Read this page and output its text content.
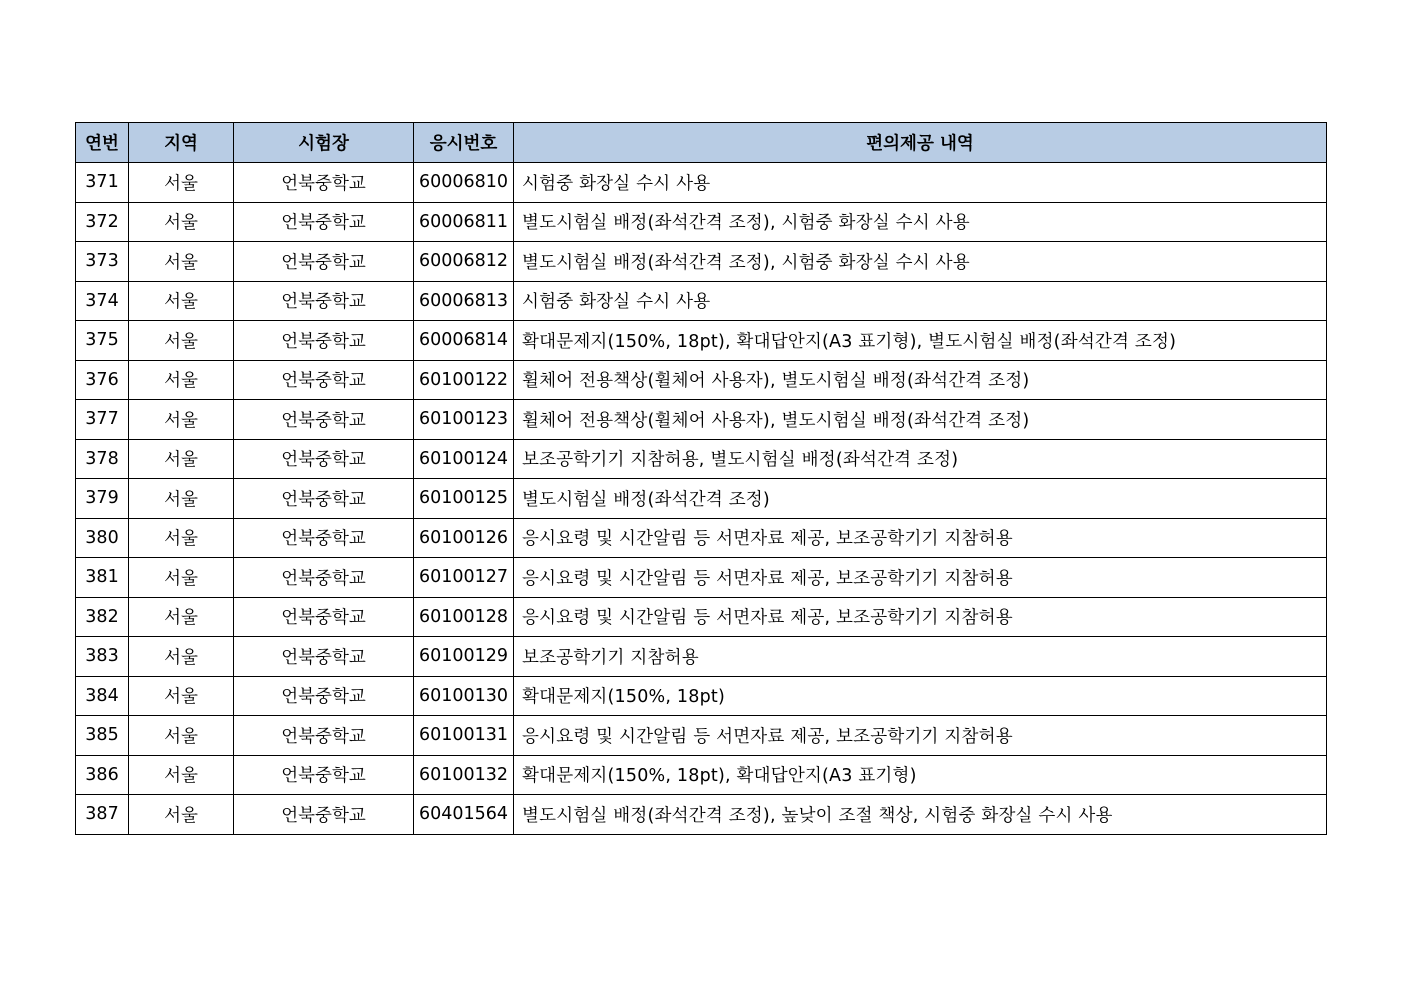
연번	지역	시험장	응시번호	편의제공 내역
371	서울	언북중학교	60006810	시험중 화장실 수시 사용
372	서울	언북중학교	60006811	별도시험실 배정(좌석간격 조정), 시험중 화장실 수시 사용
373	서울	언북중학교	60006812	별도시험실 배정(좌석간격 조정), 시험중 화장실 수시 사용
374	서울	언북중학교	60006813	시험중 화장실 수시 사용
375	서울	언북중학교	60006814	확대문제지(150%, 18pt), 확대답안지(A3 표기형), 별도시험실 배정(좌석간격 조정)
376	서울	언북중학교	60100122	휠체어 전용책상(휠체어 사용자), 별도시험실 배정(좌석간격 조정)
377	서울	언북중학교	60100123	휠체어 전용책상(휠체어 사용자), 별도시험실 배정(좌석간격 조정)
378	서울	언북중학교	60100124	보조공학기기 지참허용, 별도시험실 배정(좌석간격 조정)
379	서울	언북중학교	60100125	별도시험실 배정(좌석간격 조정)
380	서울	언북중학교	60100126	응시요령 및 시간알림 등 서면자료 제공, 보조공학기기 지참허용
381	서울	언북중학교	60100127	응시요령 및 시간알림 등 서면자료 제공, 보조공학기기 지참허용
382	서울	언북중학교	60100128	응시요령 및 시간알림 등 서면자료 제공, 보조공학기기 지참허용
383	서울	언북중학교	60100129	보조공학기기 지참허용
384	서울	언북중학교	60100130	확대문제지(150%, 18pt)
385	서울	언북중학교	60100131	응시요령 및 시간알림 등 서면자료 제공, 보조공학기기 지참허용
386	서울	언북중학교	60100132	확대문제지(150%, 18pt), 확대답안지(A3 표기형)
387	서울	언북중학교	60401564	별도시험실 배정(좌석간격 조정), 높낮이 조절 책상, 시험중 화장실 수시 사용
